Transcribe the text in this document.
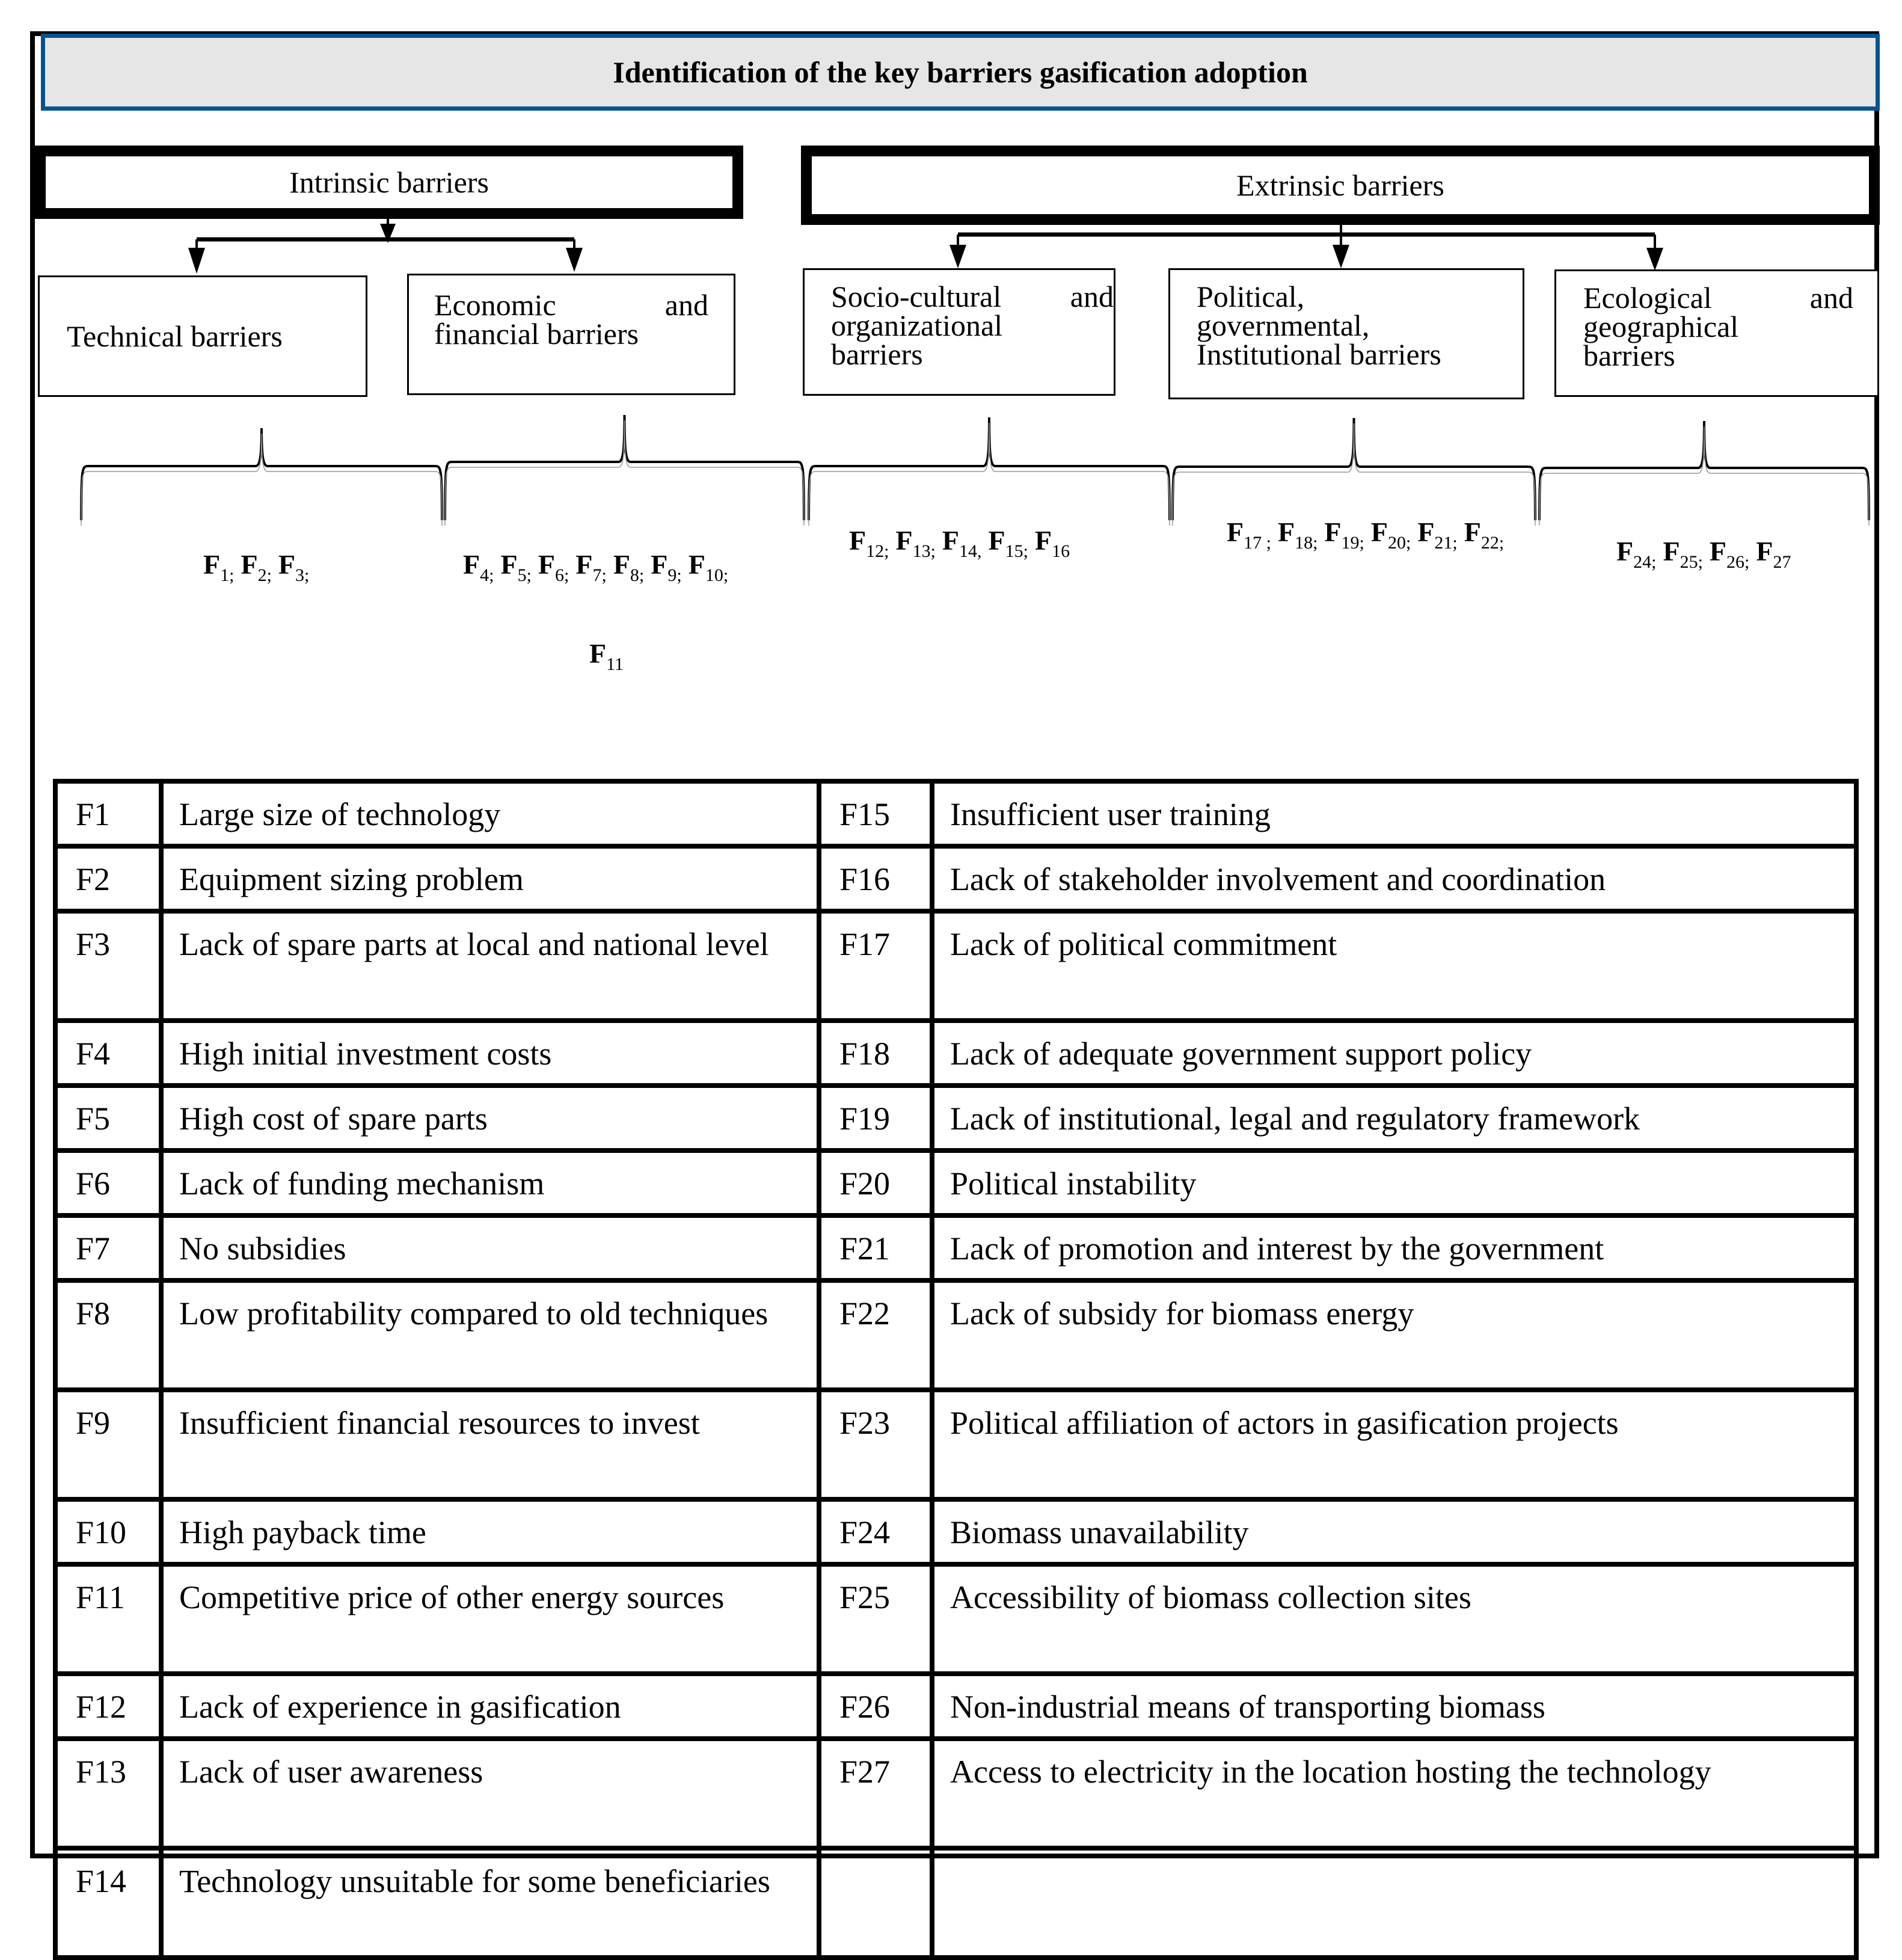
Identification of the key barriers gasification adoption
Intrinsic barriers	Extrinsic barriers
Technical barriers
Economic and
financial barriers
Socio-cultural and
organizational
barriers
Political,
governmental,
Institutional barriers
Ecological and
geographical
barriers
$F_{1;}$ $F_{2;}$ $F_{3;}$	$F_{4;}$ $F_{5;}$ $F_{6;}$ $F_{7;}$ $F_{8;}$ $F_{9;}$ $F_{10;}$
$F_{11}$
$F_{12;}$ $F_{13;}$ $F_{14,}$ $F_{15;}$ $F_{16}$
$F_{17 ;}$ $F_{18;}$ $F_{19;}$ $F_{20;}$ $F_{21;}$ $F_{22;}$	$F_{24;}$ $F_{25;}$ $F_{26;}$ $F_{27}$
F1	Large size of technology	F15	Insufficient user training
F2	Equipment sizing problem	F16	Lack of stakeholder involvement and coordination
F3	Lack of spare parts at local and national level	F17	Lack of political commitment
F4	High initial investment costs	F18	Lack of adequate government support policy
F5	High cost of spare parts	F19	Lack of institutional, legal and regulatory framework
F6	Lack of funding mechanism	F20	Political instability
F7	No subsidies	F21	Lack of promotion and interest by the government
F8	Low profitability compared to old techniques	F22	Lack of subsidy for biomass energy
F9	Insufficient financial resources to invest	F23	Political affiliation of actors in gasification projects
F10	High payback time	F24	Biomass unavailability
F11	Competitive price of other energy sources	F25	Accessibility of biomass collection sites
F12	Lack of experience in gasification	F26	Non-industrial means of transporting biomass
F13	Lack of user awareness	F27	Access to electricity in the location hosting the technology
F14	Technology unsuitable for some beneficiaries		
